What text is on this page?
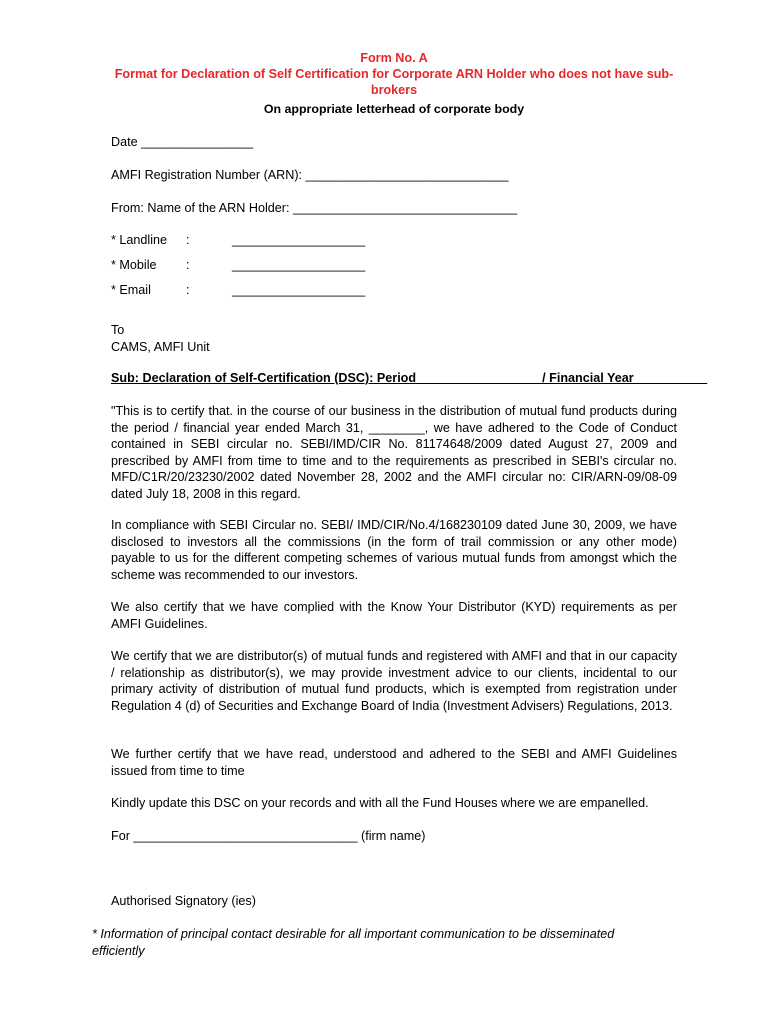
Form No. A
Format for Declaration of Self Certification for Corporate ARN Holder who does not have sub-brokers
On appropriate letterhead of corporate body
Date ________________
AMFI Registration Number (ARN): _____________________________
From: Name of the ARN Holder: ________________________________
* Landline :	___________________
* Mobile :	___________________
* Email	:	___________________
To
CAMS, AMFI Unit
Sub: Declaration of Self-Certification (DSC): Period _________________ / Financial Year __________
"This is to certify that. in the course of our business in the distribution of mutual fund products during the period / financial year ended March 31, ________, we have adhered to the Code of Conduct contained in SEBI circular no. SEBI/IMD/CIR No. 81174648/2009 dated August 27, 2009 and prescribed by AMFI from time to time and to the requirements as prescribed in SEBI's circular no. MFD/C1R/20/23230/2002 dated November 28, 2002 and the AMFI circular no: CIR/ARN-09/08-09 dated July 18, 2008 in this regard.
In compliance with SEBI Circular no. SEBI/ IMD/CIR/No.4/168230109 dated June 30, 2009, we have disclosed to investors all the commissions (in the form of trail commission or any other mode) payable to us for the different competing schemes of various mutual funds from amongst which the scheme was recommended to our investors.
We also certify that we have complied with the Know Your Distributor (KYD) requirements as per AMFI Guidelines.
We certify that we are distributor(s) of mutual funds and registered with AMFI and that in our capacity / relationship as distributor(s), we may provide investment advice to our clients, incidental to our primary activity of distribution of mutual fund products, which is exempted from registration under Regulation 4 (d) of Securities and Exchange Board of India (Investment Advisers) Regulations, 2013.
We further certify that we have read, understood and adhered to the SEBI and AMFI Guidelines issued from time to time
Kindly update this DSC on your records and with all the Fund Houses where we are empanelled.
For ________________________________ (firm name)
Authorised Signatory (ies)
* Information of principal contact desirable for all important communication to be disseminated efficiently
